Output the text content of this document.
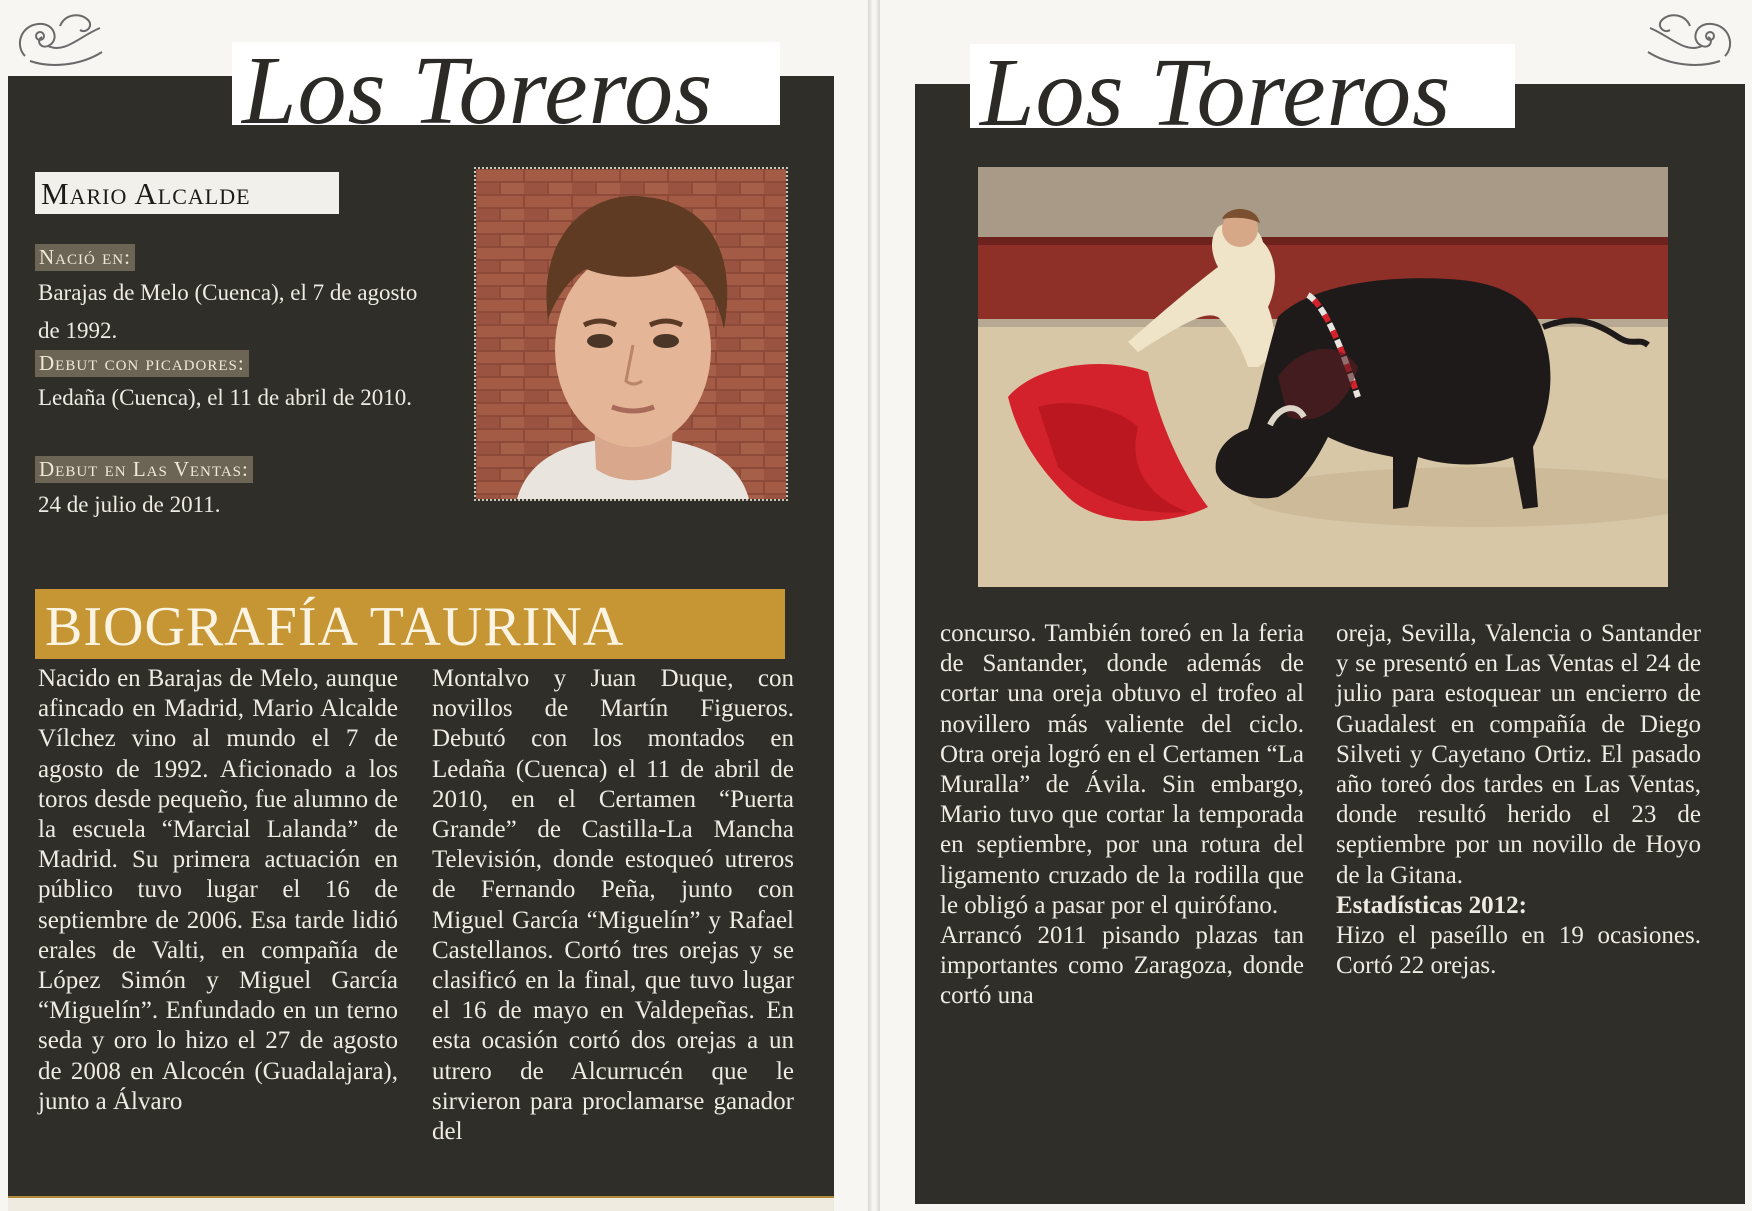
Los Toreros
Mario Alcalde
Nació en:
Barajas de Melo (Cuenca), el 7 de agosto de 1992.
Debut con picadores:
Ledaña (Cuenca), el 11 de abril de 2010.
Debut en Las Ventas:
24 de julio de 2011.
BIOGRAFÍA TAURINA

Nacido en Barajas de Melo, aunque afincado en Madrid, Mario Alcalde Vílchez vino al mundo el 7 de agosto de 1992. Aficionado a los toros desde pequeño, fue alumno de la escuela “Marcial Lalanda” de Madrid. Su primera actuación en público tuvo lugar el 16 de septiembre de 2006. Esa tarde lidió erales de Valti, en compañía de López Simón y Miguel García “Miguelín”. Enfundado en un terno seda y oro lo hizo el 27 de agosto de 2008 en Alcocén (Guadalajara), junto a Álvaro

Montalvo y Juan Duque, con novillos de Martín Figueros. Debutó con los montados en Ledaña (Cuenca) el 11 de abril de 2010, en el Certamen “Puerta Grande” de Castilla-La Mancha Televisión, donde estoqueó utreros de Fernando Peña, junto con Miguel García “Miguelín” y Rafael Castellanos. Cortó tres orejas y se clasificó en la final, que tuvo lugar el 16 de mayo en Valdepeñas. En esta ocasión cortó dos orejas a un utrero de Alcurrucén que le sirvieron para proclamarse ganador del

Los Toreros

concurso. También toreó en la feria de Santander, donde además de cortar una oreja obtuvo el trofeo al novillero más valiente del ciclo. Otra oreja logró en el Certamen “La Muralla” de Ávila. Sin embargo, Mario tuvo que cortar la temporada en septiembre, por una rotura del ligamento cruzado de la rodilla que le obligó a pasar por el quirófano.

Arrancó 2011 pisando plazas tan importantes como Zaragoza, donde cortó una

oreja, Sevilla, Valencia o Santander y se presentó en Las Ventas el 24 de julio para estoquear un encierro de Guadalest en compañía de Diego Silveti y Cayetano Ortiz. El pasado año toreó dos tardes en Las Ventas, donde resultó herido el 23 de septiembre por un novillo de Hoyo de la Gitana.

Estadísticas 2012:

Hizo el paseíllo en 19 ocasiones. Cortó 22 orejas.
